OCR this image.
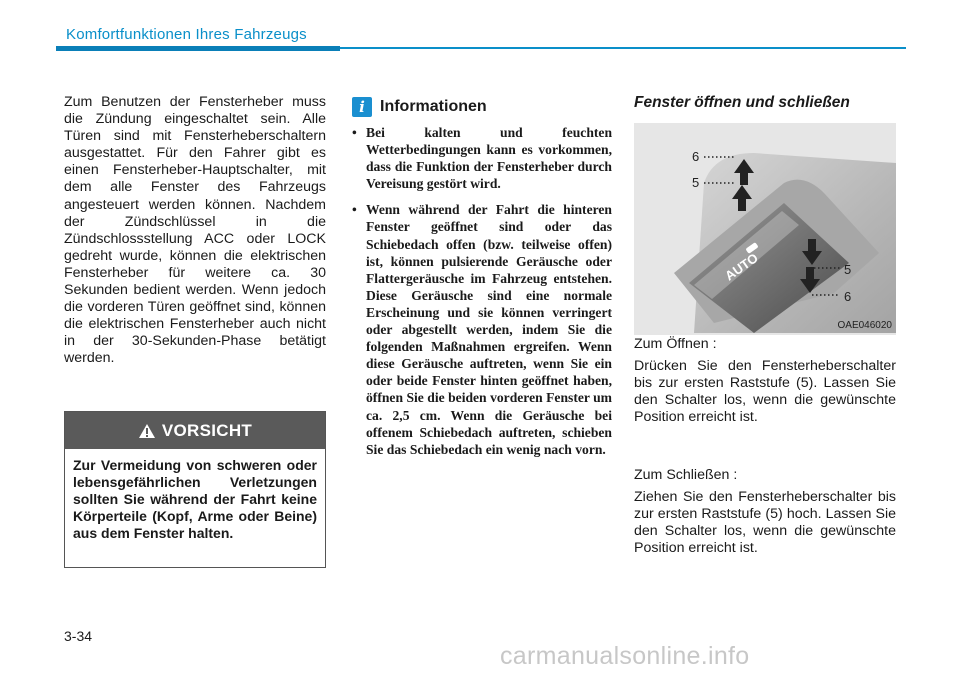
Komfortfunktionen Ihres Fahrzeugs
Zum Benutzen der Fensterheber muss die Zündung eingeschaltet sein. Alle Türen sind mit Fensterheberschaltern ausgestattet. Für den Fahrer gibt es einen Fensterheber-Hauptschalter, mit dem alle Fenster des Fahrzeugs angesteuert werden können. Nachdem der Zündschlüssel in die Zündschlossstellung ACC oder LOCK gedreht wurde, können die elektrischen Fensterheber für weitere ca. 30 Sekunden bedient werden. Wenn jedoch die vorderen Türen geöffnet sind, können die elektrischen Fensterheber auch nicht in der 30-Sekunden-Phase betätigt werden.
VORSICHT
Zur Vermeidung von schweren oder lebensgefährlichen Verletzungen sollten Sie während der Fahrt keine Körperteile (Kopf, Arme oder Beine) aus dem Fenster halten.
i Informationen
• Bei kalten und feuchten Wetterbedingungen kann es vorkommen, dass die Funktion der Fensterheber durch Vereisung gestört wird.
• Wenn während der Fahrt die hinteren Fenster geöffnet sind oder das Schiebedach offen (bzw. teilweise offen) ist, können pulsierende Geräusche oder Flattergeräusche im Fahrzeug entstehen. Diese Geräusche sind eine normale Erscheinung und sie können verringert oder abgestellt werden, indem Sie die folgenden Maßnahmen ergreifen. Wenn diese Geräusche auftreten, wenn Sie ein oder beide Fenster hinten geöffnet haben, öffnen Sie die beiden vorderen Fenster um ca. 2,5 cm. Wenn die Geräusche bei offenem Schiebedach auftreten, schieben Sie das Schiebedach ein wenig nach vorn.
Fenster öffnen und schließen
AUTO
6
5
5
6
OAE046020
Zum Öffnen :
Drücken Sie den Fensterheberschalter bis zur ersten Raststufe (5). Lassen Sie den Schalter los, wenn die gewünschte Position erreicht ist.
Zum Schließen :
Ziehen Sie den Fensterheberschalter bis zur ersten Raststufe (5) hoch. Lassen Sie den Schalter los, wenn die gewünschte Position erreicht ist.
3-34
carmanualsonline.info
